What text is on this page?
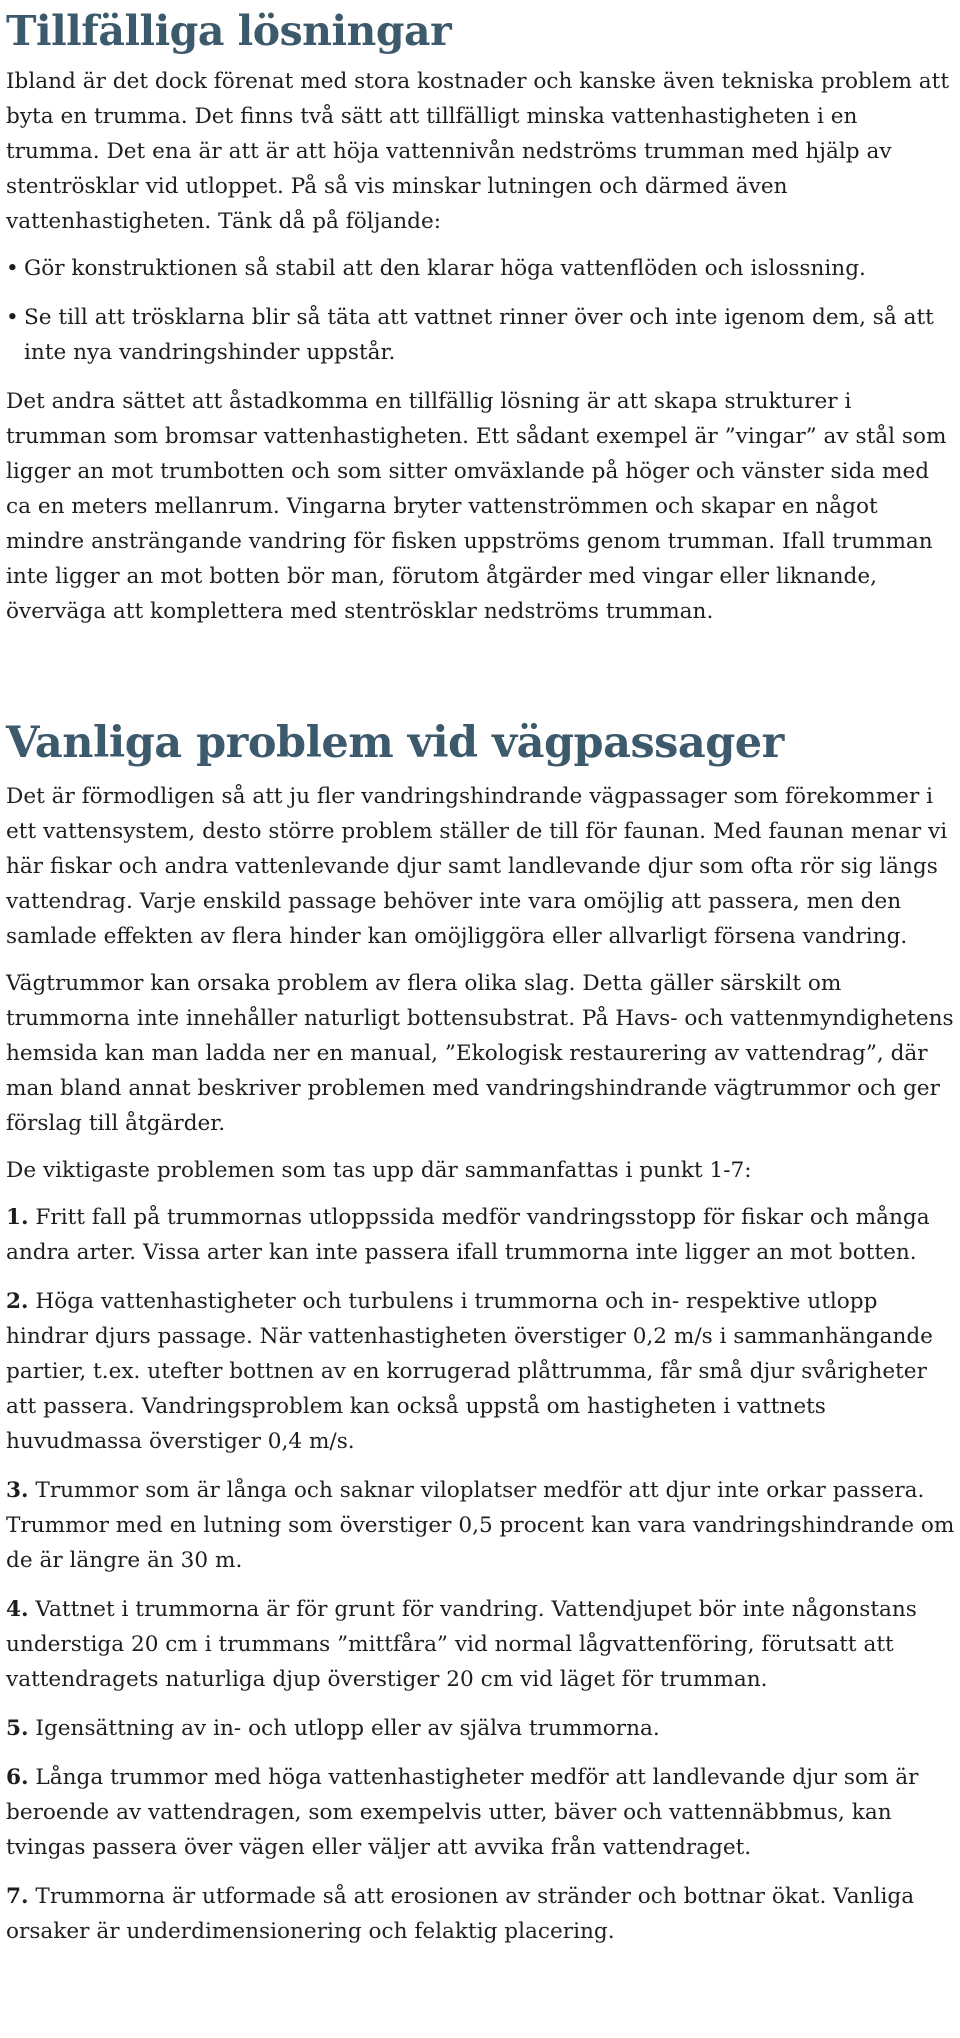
Tillfälliga lösningar

Ibland är det dock förenat med stora kostnader och kanske även tekniska problem att byta en trumma. Det finns två sätt att tillfälligt minska vattenhastigheten i en trumma. Det ena är att är att höja vattennivån nedströms trumman med hjälp av stentrösklar vid utloppet. På så vis minskar lutningen och därmed även vattenhastigheten. Tänk då på följande:

• Gör konstruktionen så stabil att den klarar höga vattenflöden och islossning.
• Se till att trösklarna blir så täta att vattnet rinner över och inte igenom dem, så att inte nya vandringshinder uppstår.

Det andra sättet att åstadkomma en tillfällig lösning är att skapa strukturer i trumman som bromsar vattenhastigheten. Ett sådant exempel är ”vingar” av stål som ligger an mot trumbotten och som sitter omväxlande på höger och vänster sida med ca en meters mellanrum. Vingarna bryter vattenströmmen och skapar en något mindre ansträngande vandring för fisken uppströms genom trumman. Ifall trumman inte ligger an mot botten bör man, förutom åtgärder med vingar eller liknande, överväga att komplettera med stentrösklar nedströms trumman.

Vanliga problem vid vägpassager

Det är förmodligen så att ju fler vandringshindrande vägpassager som förekommer i ett vattensystem, desto större problem ställer de till för faunan. Med faunan menar vi här fiskar och andra vattenlevande djur samt landlevande djur som ofta rör sig längs vattendrag. Varje enskild passage behöver inte vara omöjlig att passera, men den samlade effekten av flera hinder kan omöjliggöra eller allvarligt försena vandring.

Vägtrummor kan orsaka problem av flera olika slag. Detta gäller särskilt om trummorna inte innehåller naturligt bottensubstrat. På Havs- och vattenmyndighetens hemsida kan man ladda ner en manual, ”Ekologisk restaurering av vattendrag”, där man bland annat beskriver problemen med vandringshindrande vägtrummor och ger förslag till åtgärder.

De viktigaste problemen som tas upp där sammanfattas i punkt 1-7:

1. Fritt fall på trummornas utloppssida medför vandringsstopp för fiskar och många andra arter. Vissa arter kan inte passera ifall trummorna inte ligger an mot botten.

2. Höga vattenhastigheter och turbulens i trummorna och in- respektive utlopp hindrar djurs passage. När vattenhastigheten överstiger 0,2 m/s i sammanhängande partier, t.ex. utefter bottnen av en korrugerad plåttrumma, får små djur svårigheter att passera. Vandringsproblem kan också uppstå om hastigheten i vattnets huvudmassa överstiger 0,4 m/s.

3. Trummor som är långa och saknar viloplatser medför att djur inte orkar passera. Trummor med en lutning som överstiger 0,5 procent kan vara vandringshindrande om de är längre än 30 m.

4. Vattnet i trummorna är för grunt för vandring. Vattendjupet bör inte någonstans understiga 20 cm i trummans ”mittfåra” vid normal lågvattenföring, förutsatt att vattendragets naturliga djup överstiger 20 cm vid läget för trumman.

5. Igensättning av in- och utlopp eller av själva trummorna.

6. Långa trummor med höga vattenhastigheter medför att landlevande djur som är beroende av vattendragen, som exempelvis utter, bäver och vattennäbbmus, kan tvingas passera över vägen eller väljer att avvika från vattendraget.

7. Trummorna är utformade så att erosionen av stränder och bottnar ökat. Vanliga orsaker är underdimensionering och felaktig placering.
